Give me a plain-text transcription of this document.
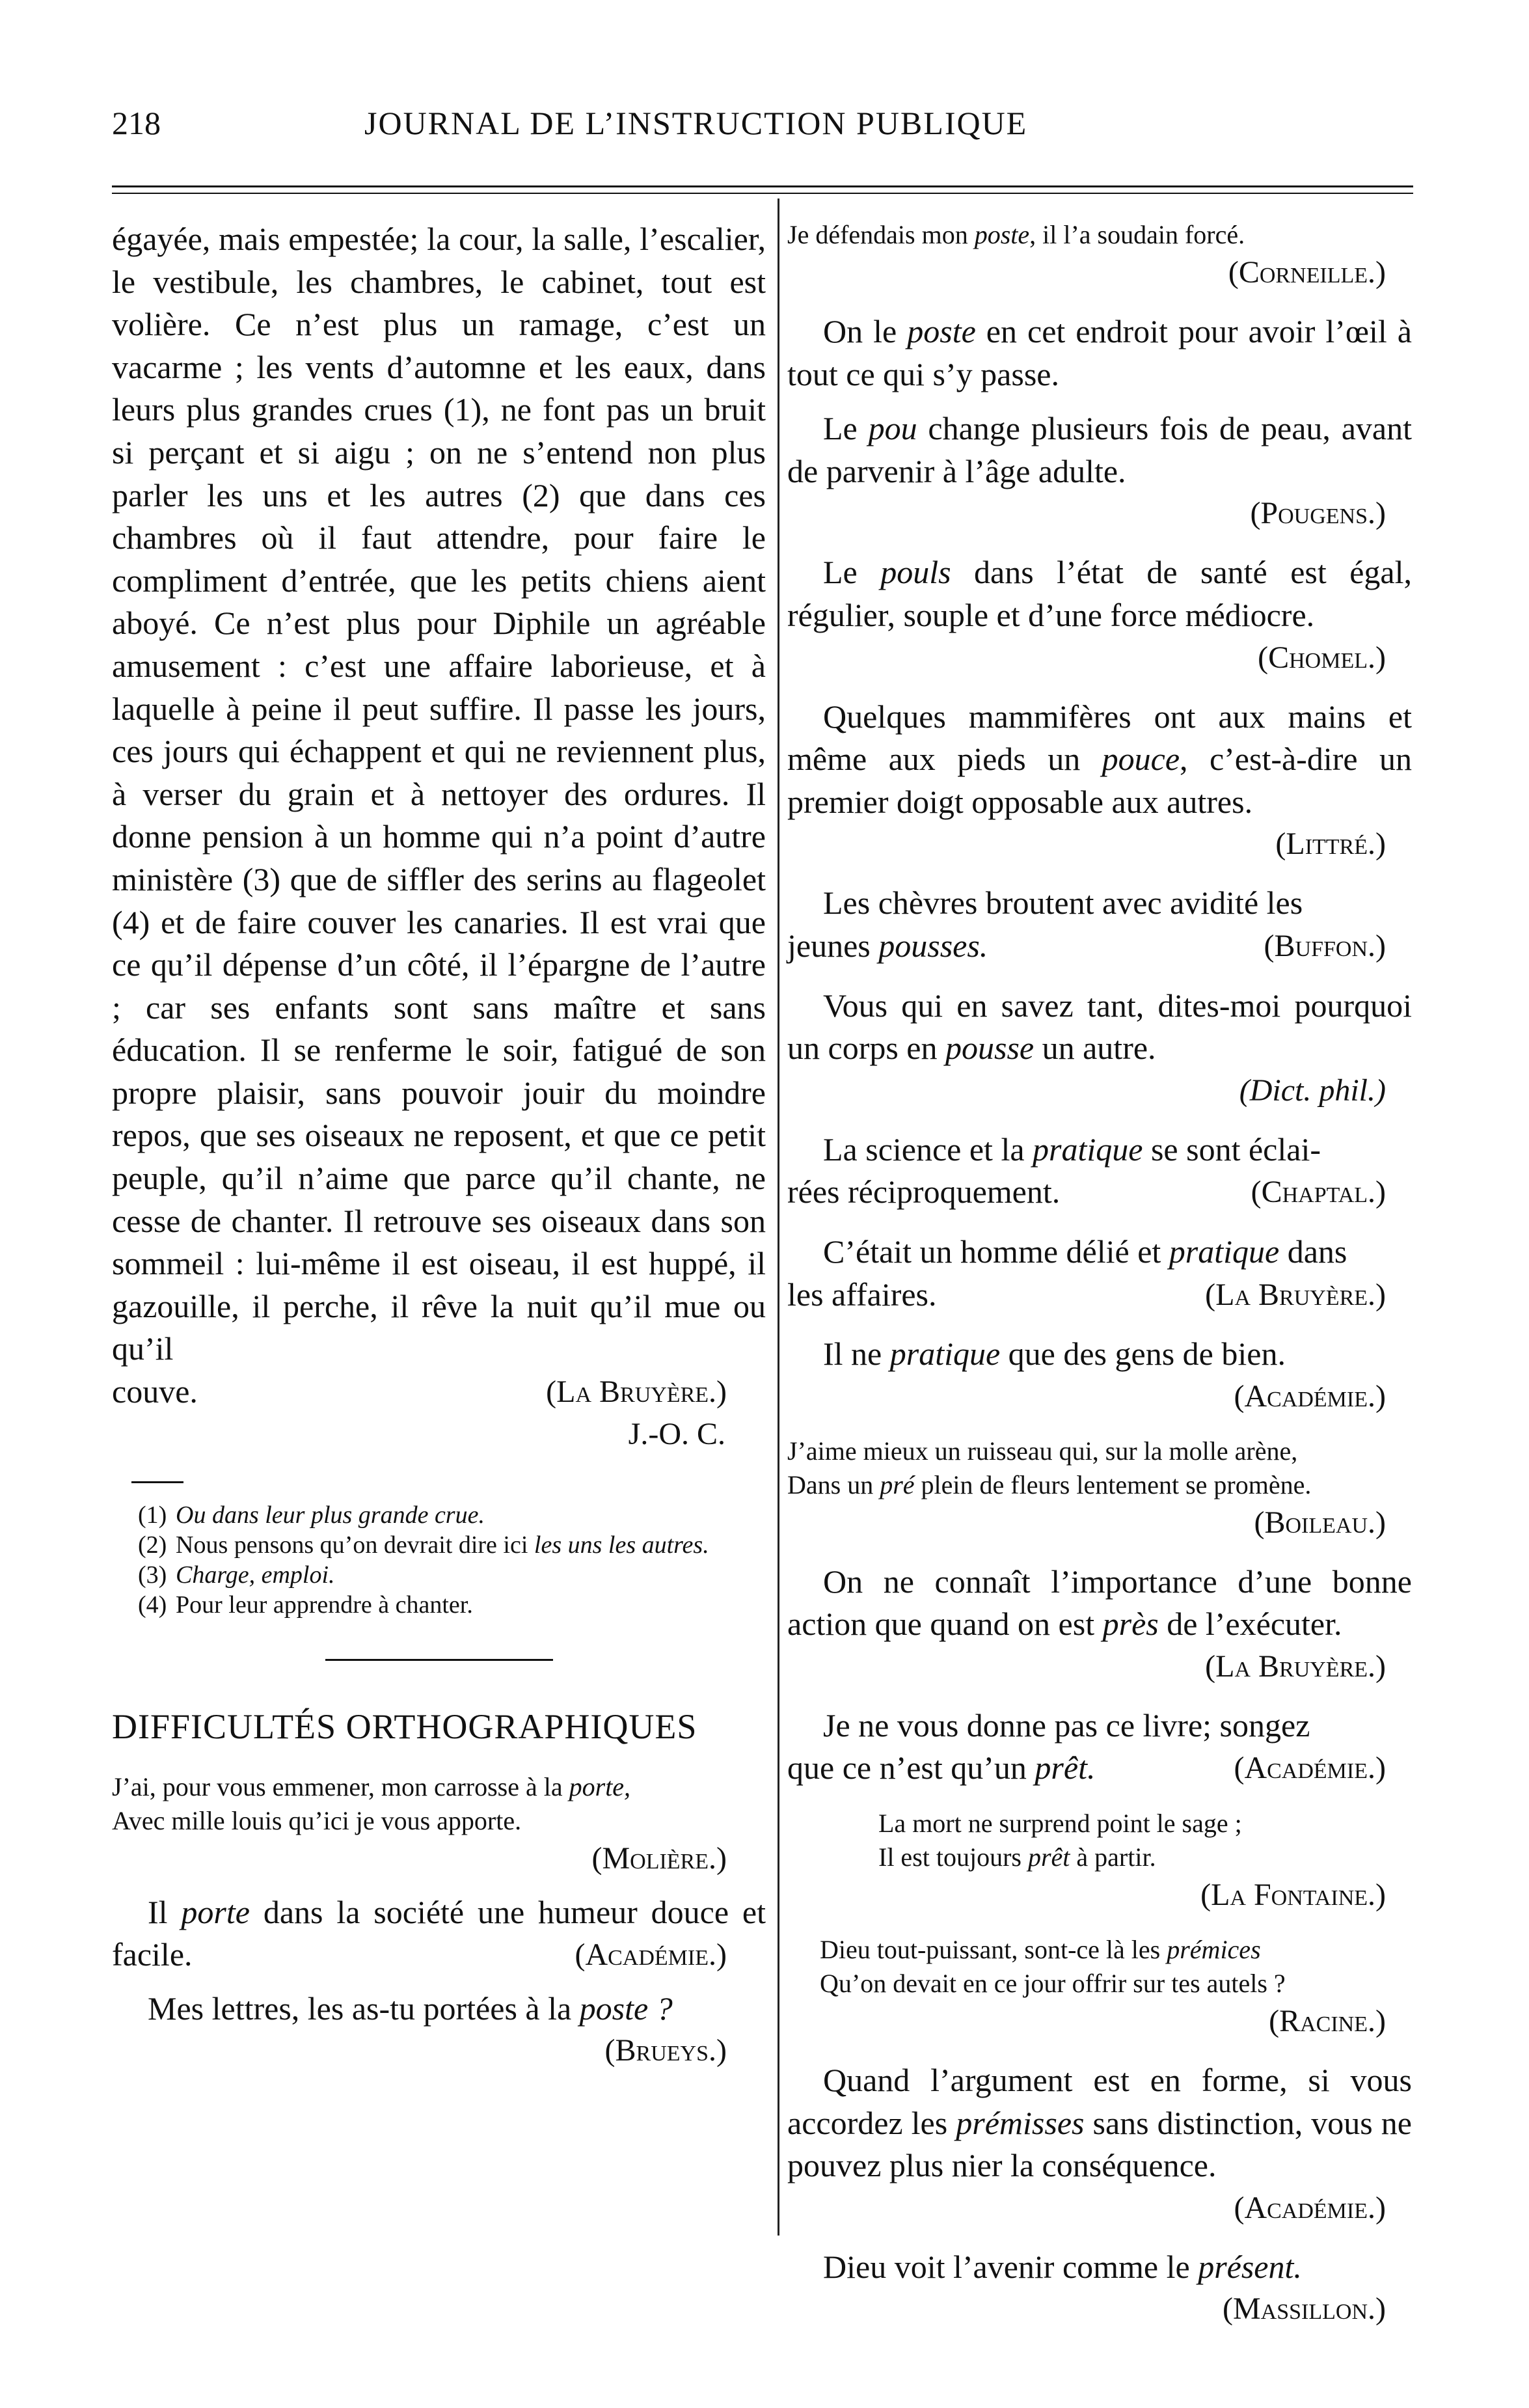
218	JOURNAL DE L’INSTRUCTION PUBLIQUE

égayée, mais empestée; la cour, la salle, l’escalier, le vestibule, les chambres, le cabinet, tout est volière. Ce n’est plus un ramage, c’est un vacarme ; les vents d’automne et les eaux, dans leurs plus grandes crues (1), ne font pas un bruit si perçant et si aigu ; on ne s’entend non plus parler les uns et les autres (2) que dans ces chambres où il faut attendre, pour faire le compliment d’entrée, que les petits chiens aient aboyé. Ce n’est plus pour Diphile un agréable amusement : c’est une affaire laborieuse, et à laquelle à peine il peut suffire. Il passe les jours, ces jours qui échappent et qui ne reviennent plus, à verser du grain et à nettoyer des ordures. Il donne pension à un homme qui n’a point d’autre ministère (3) que de siffler des serins au flageolet (4) et de faire couver les canaries. Il est vrai que ce qu’il dépense d’un côté, il l’épargne de l’autre ; car ses enfants sont sans maître et sans éducation. Il se renferme le soir, fatigué de son propre plaisir, sans pouvoir jouir du moindre repos, que ses oiseaux ne reposent, et que ce petit peuple, qu’il n’aime que parce qu’il chante, ne cesse de chanter. Il retrouve ses oiseaux dans son sommeil : lui-même il est oiseau, il est huppé, il gazouille, il perche, il rêve la nuit qu’il mue ou qu’il

couve.	(La Bruyère.)

J.-O. C.

(1) Ou dans leur plus grande crue.

(2) Nous pensons qu’on devrait dire ici les uns les autres.

(3) Charge, emploi.

(4) Pour leur apprendre à chanter.

DIFFICULTÉS ORTHOGRAPHIQUES

J’ai, pour vous emmener, mon carrosse à la porte,

Avec mille louis qu’ici je vous apporte.

(Molière.)

Il porte dans la société une humeur douce et facile.	(Académie.)

Mes lettres, les as-tu portées à la poste ?

(Brueys.)

Je défendais mon poste, il l’a soudain forcé.

(Corneille.)

On le poste en cet endroit pour avoir l’œil à tout ce qui s’y passe.

Le pou change plusieurs fois de peau, avant de parvenir à l’âge adulte.

(Pougens.)

Le pouls dans l’état de santé est égal, régulier, souple et d’une force médiocre.

(Chomel.)

Quelques mammifères ont aux mains et même aux pieds un pouce, c’est-à-dire un premier doigt opposable aux autres.

(Littré.)

Les chèvres broutent avec avidité les

jeunes pousses.	(Buffon.)

Vous qui en savez tant, dites-moi pourquoi un corps en pousse un autre.

(Dict. phil.)

La science et la pratique se sont éclai-

rées réciproquement.	(Chaptal.)

C’était un homme délié et pratique dans

les affaires.	(La Bruyère.)

Il ne pratique que des gens de bien.

(Académie.)

J’aime mieux un ruisseau qui, sur la molle arène,

Dans un pré plein de fleurs lentement se promène.

(Boileau.)

On ne connaît l’importance d’une bonne action que quand on est près de l’exécuter.

(La Bruyère.)

Je ne vous donne pas ce livre; songez

que ce n’est qu’un prêt.	(Académie.)

La mort ne surprend point le sage ;

Il est toujours prêt à partir.

(La Fontaine.)

Dieu tout-puissant, sont-ce là les prémices

Qu’on devait en ce jour offrir sur tes autels ?

(Racine.)

Quand l’argument est en forme, si vous accordez les prémisses sans distinction, vous ne pouvez plus nier la conséquence.

(Académie.)

Dieu voit l’avenir comme le présent.

(Massillon.)
